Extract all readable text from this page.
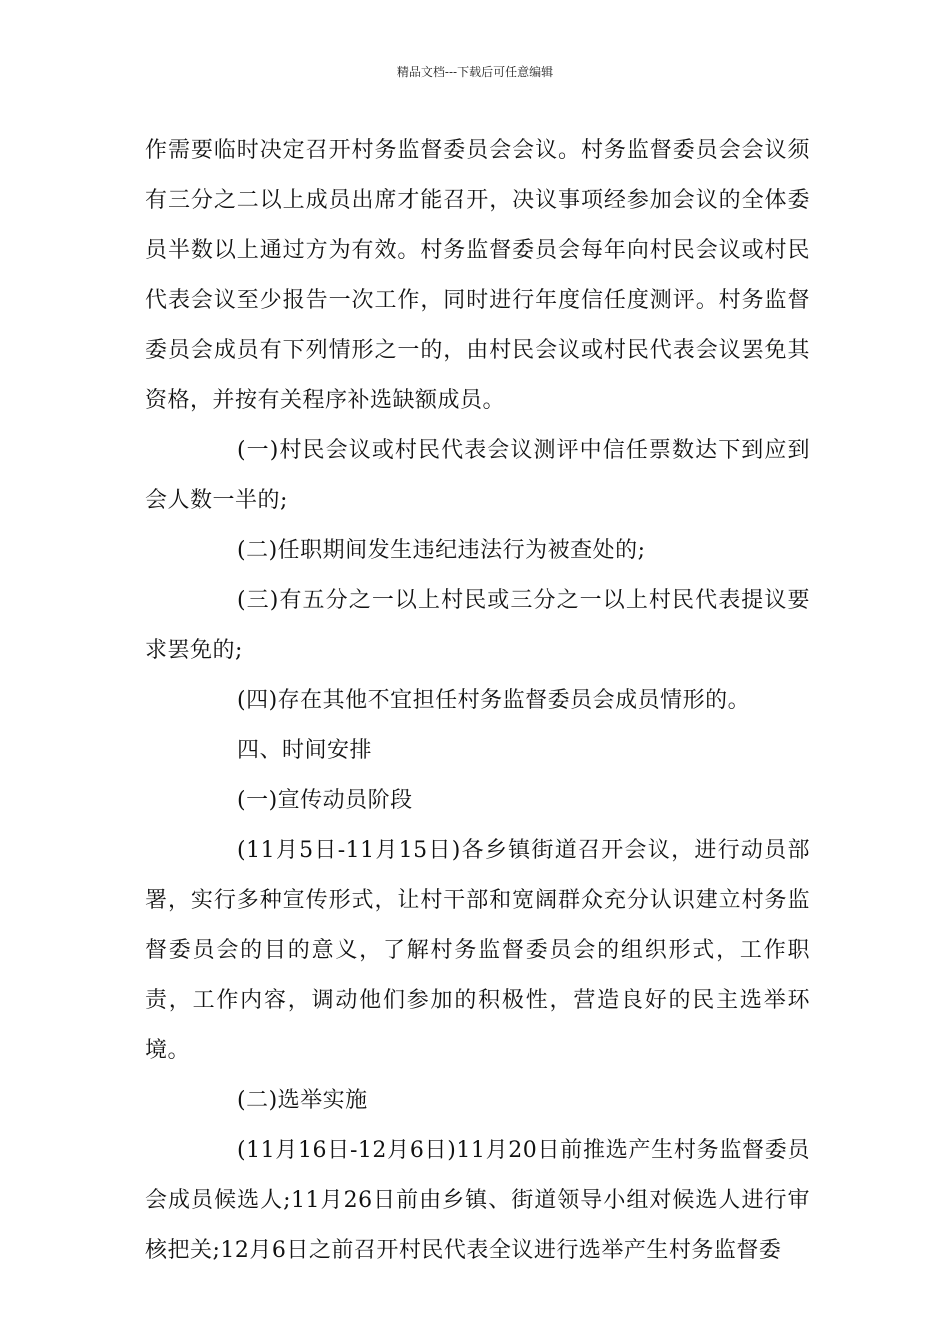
精品文档---下载后可任意编辑

作需要临时决定召开村务监督委员会会议。村务监督委员会会议须有三分之二以上成员出席才能召开，决议事项经参加会议的全体委员半数以上通过方为有效。村务监督委员会每年向村民会议或村民代表会议至少报告一次工作，同时进行年度信任度测评。村务监督委员会成员有下列情形之一的，由村民会议或村民代表会议罢免其资格，并按有关程序补选缺额成员。

(一)村民会议或村民代表会议测评中信任票数达下到应到会人数一半的;

(二)任职期间发生违纪违法行为被查处的;

(三)有五分之一以上村民或三分之一以上村民代表提议要求罢免的;

(四)存在其他不宜担任村务监督委员会成员情形的。

四、时间安排

(一)宣传动员阶段

(11月5日-11月15日)各乡镇街道召开会议，进行动员部署，实行多种宣传形式，让村干部和宽阔群众充分认识建立村务监督委员会的目的意义，了解村务监督委员会的组织形式，工作职责，工作内容，调动他们参加的积极性，营造良好的民主选举环境。

(二)选举实施

(11月16日-12月6日)11月20日前推选产生村务监督委员会成员候选人;11月26日前由乡镇、街道领导小组对候选人进行审核把关;12月6日之前召开村民代表全议进行选举产生村务监督委
